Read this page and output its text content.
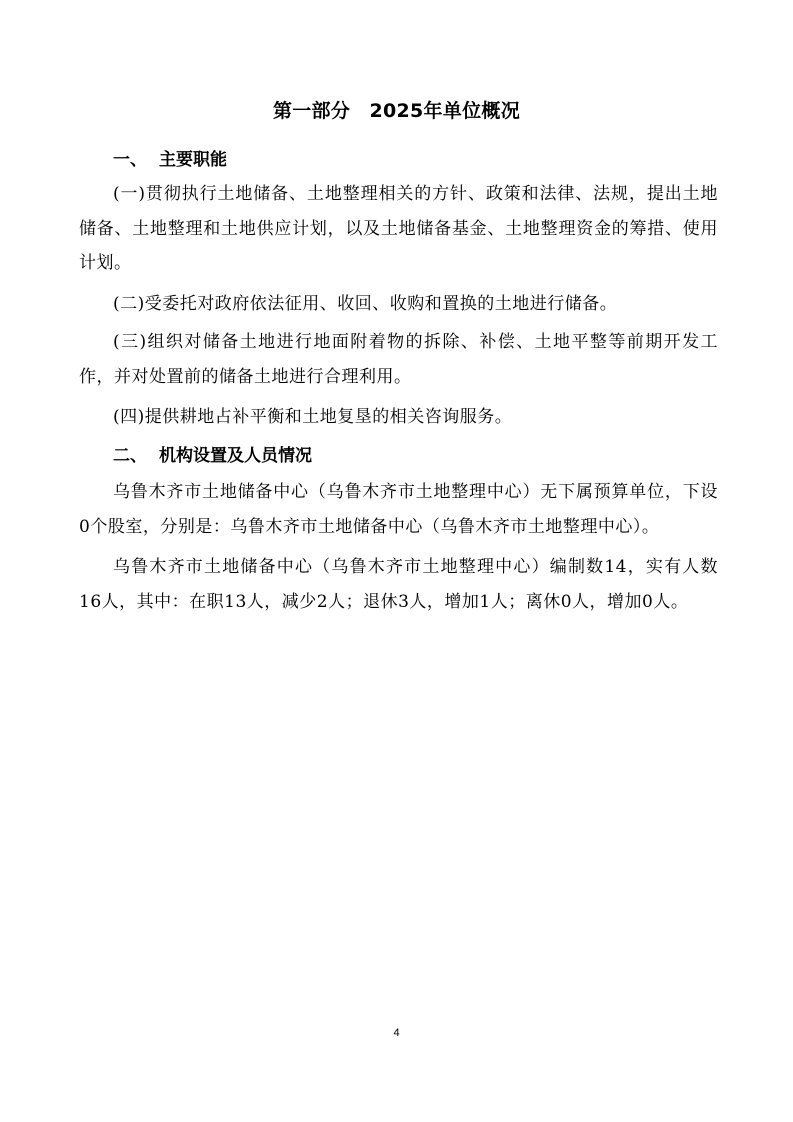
第一部分　2025年单位概况
一、 主要职能
(一)贯彻执行土地储备、土地整理相关的方针、政策和法律、法规，提出土地储备、土地整理和土地供应计划，以及土地储备基金、土地整理资金的筹措、使用计划。
(二)受委托对政府依法征用、收回、收购和置换的土地进行储备。
(三)组织对储备土地进行地面附着物的拆除、补偿、土地平整等前期开发工作，并对处置前的储备土地进行合理利用。
(四)提供耕地占补平衡和土地复垦的相关咨询服务。
二、 机构设置及人员情况
乌鲁木齐市土地储备中心（乌鲁木齐市土地整理中心）无下属预算单位，下设0个股室，分别是：乌鲁木齐市土地储备中心（乌鲁木齐市土地整理中心）。
乌鲁木齐市土地储备中心（乌鲁木齐市土地整理中心）编制数14，实有人数16人，其中：在职13人，减少2人；退休3人，增加1人；离休0人，增加0人。
4
